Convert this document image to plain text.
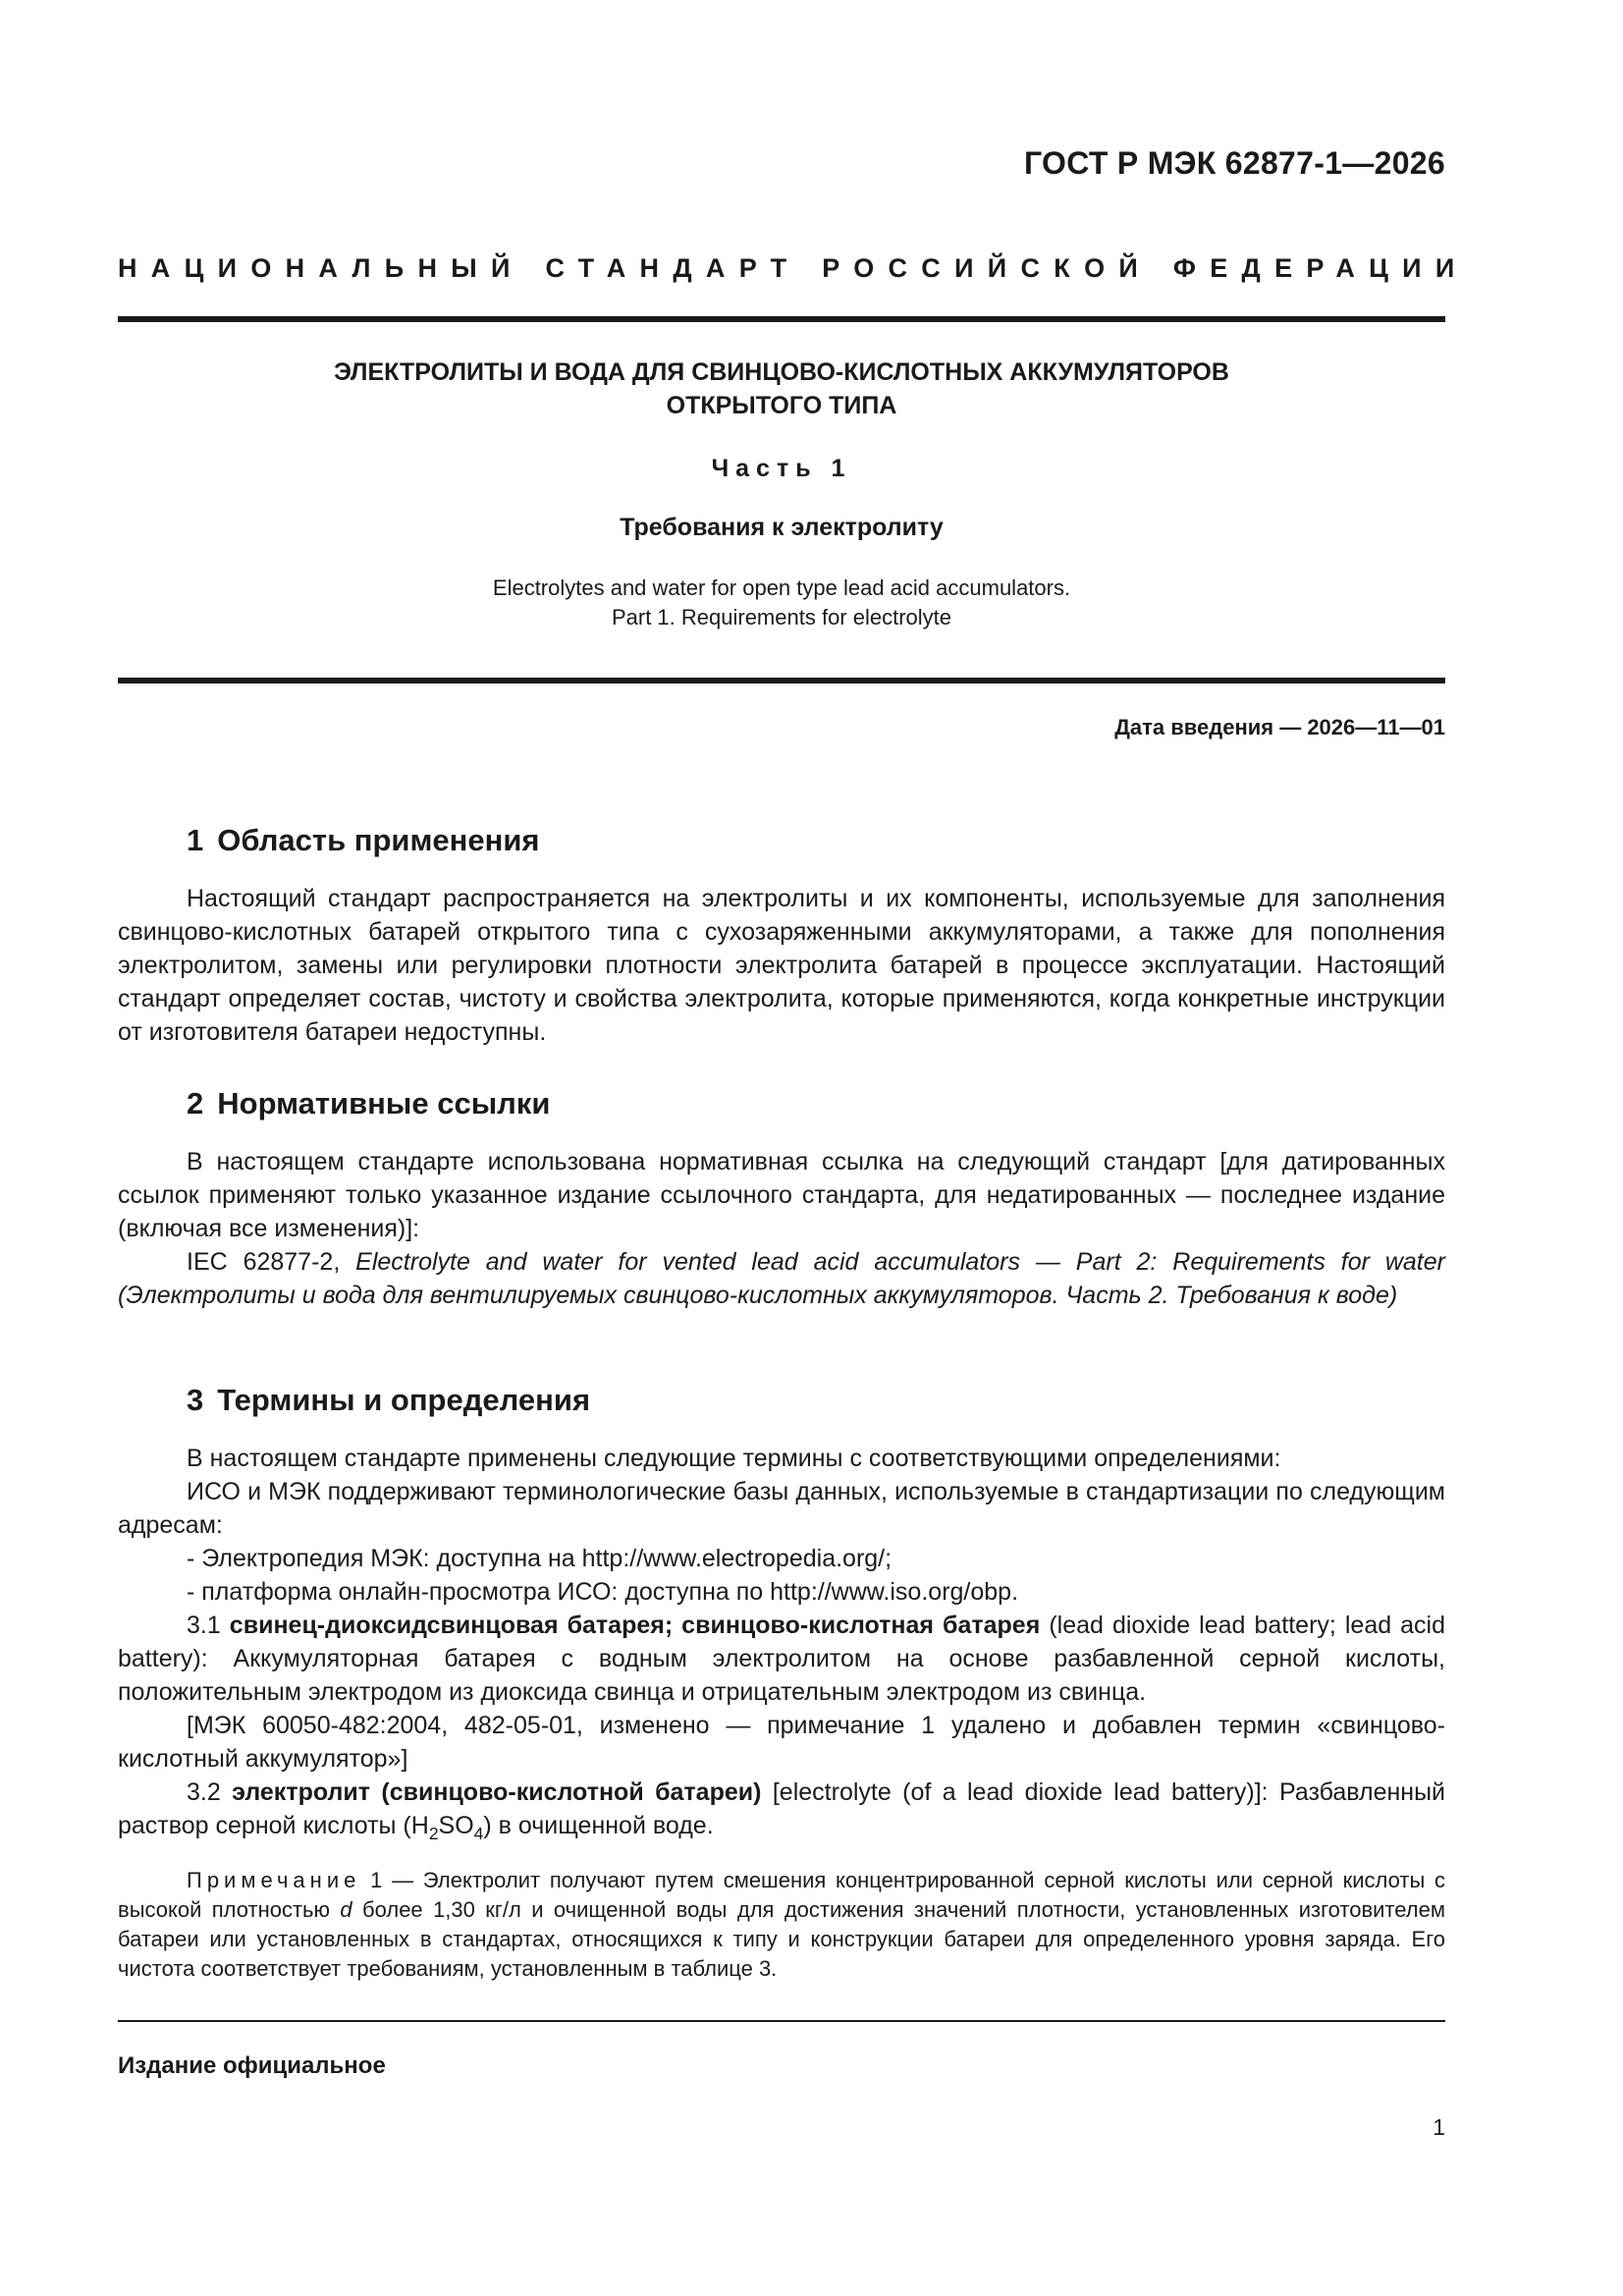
ГОСТ Р МЭК 62877-1—2026
НАЦИОНАЛЬНЫЙ СТАНДАРТ РОССИЙСКОЙ ФЕДЕРАЦИИ
ЭЛЕКТРОЛИТЫ И ВОДА ДЛЯ СВИНЦОВО-КИСЛОТНЫХ АККУМУЛЯТОРОВ
ОТКРЫТОГО ТИПА
Часть 1
Требования к электролиту
Electrolytes and water for open type lead acid accumulators.
Part 1. Requirements for electrolyte
Дата введения — 2026—11—01
1 Область применения

Настоящий стандарт распространяется на электролиты и их компоненты, используемые для заполнения свинцово-кислотных батарей открытого типа с сухозаряженными аккумуляторами, а также для пополнения электролитом, замены или регулировки плотности электролита батарей в процессе эксплуатации. Настоящий стандарт определяет состав, чистоту и свойства электролита, которые применяются, когда конкретные инструкции от изготовителя батареи недоступны.

2 Нормативные ссылки

В настоящем стандарте использована нормативная ссылка на следующий стандарт [для датированных ссылок применяют только указанное издание ссылочного стандарта, для недатированных — последнее издание (включая все изменения)]:

IEC 62877-2, Electrolyte and water for vented lead acid accumulators — Part 2: Requirements for water (Электролиты и вода для вентилируемых свинцово-кислотных аккумуляторов. Часть 2. Требования к воде)

3 Термины и определения

В настоящем стандарте применены следующие термины с соответствующими определениями:

ИСО и МЭК поддерживают терминологические базы данных, используемые в стандартизации по следующим адресам:

- Электропедия МЭК: доступна на http://www.electropedia.org/;

- платформа онлайн-просмотра ИСО: доступна по http://www.iso.org/obp.

3.1 свинец-диоксидсвинцовая батарея; свинцово-кислотная батарея (lead dioxide lead battery; lead acid battery): Аккумуляторная батарея с водным электролитом на основе разбавленной серной кислоты, положительным электродом из диоксида свинца и отрицательным электродом из свинца.

[МЭК 60050-482:2004, 482-05-01, изменено — примечание 1 удалено и добавлен термин «свинцово-кислотный аккумулятор»]

3.2 электролит (свинцово-кислотной батареи) [electrolyte (of a lead dioxide lead battery)]: Разбавленный раствор серной кислоты $(H_2SO_4)$ в очищенной воде.

Примечание 1 — Электролит получают путем смешения концентрированной серной кислоты или серной кислоты с высокой плотностью d более 1,30 кг/л и очищенной воды для достижения значений плотности, установленных изготовителем батареи или установленных в стандартах, относящихся к типу и конструкции батареи для определенного уровня заряда. Его чистота соответствует требованиям, установленным в таблице 3.

Издание официальное
1
